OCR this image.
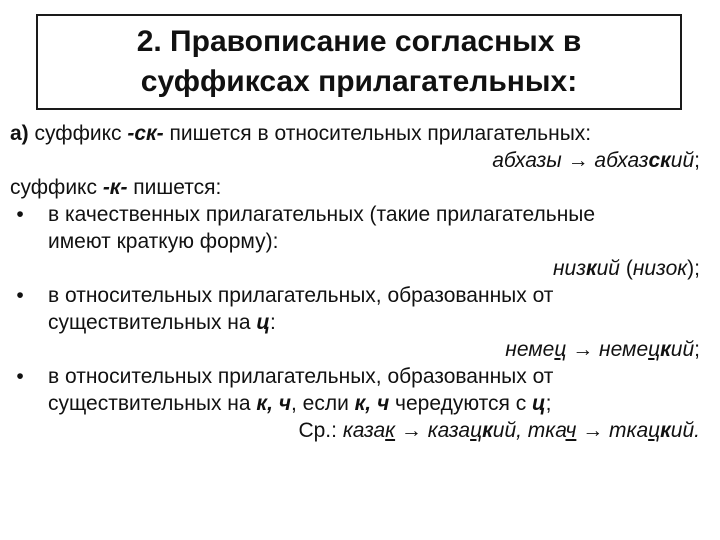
2. Правописание согласных в
суффиксах прилагательных:
а) суффикс -ск- пишется в относительных прилагательных:
абхазы → абхазский;
суффикс -к- пишется:
•	в качественных прилагательных (такие прилагательные
имеют краткую форму):
низкий (низок);
•	в относительных прилагательных, образованных от
существительных на ц:
немец → немецкий;
•	в относительных прилагательных, образованных от
существительных на к, ч, если к, ч чередуются с ц;
Ср.: казак → казацкий, ткач → ткацкий.
